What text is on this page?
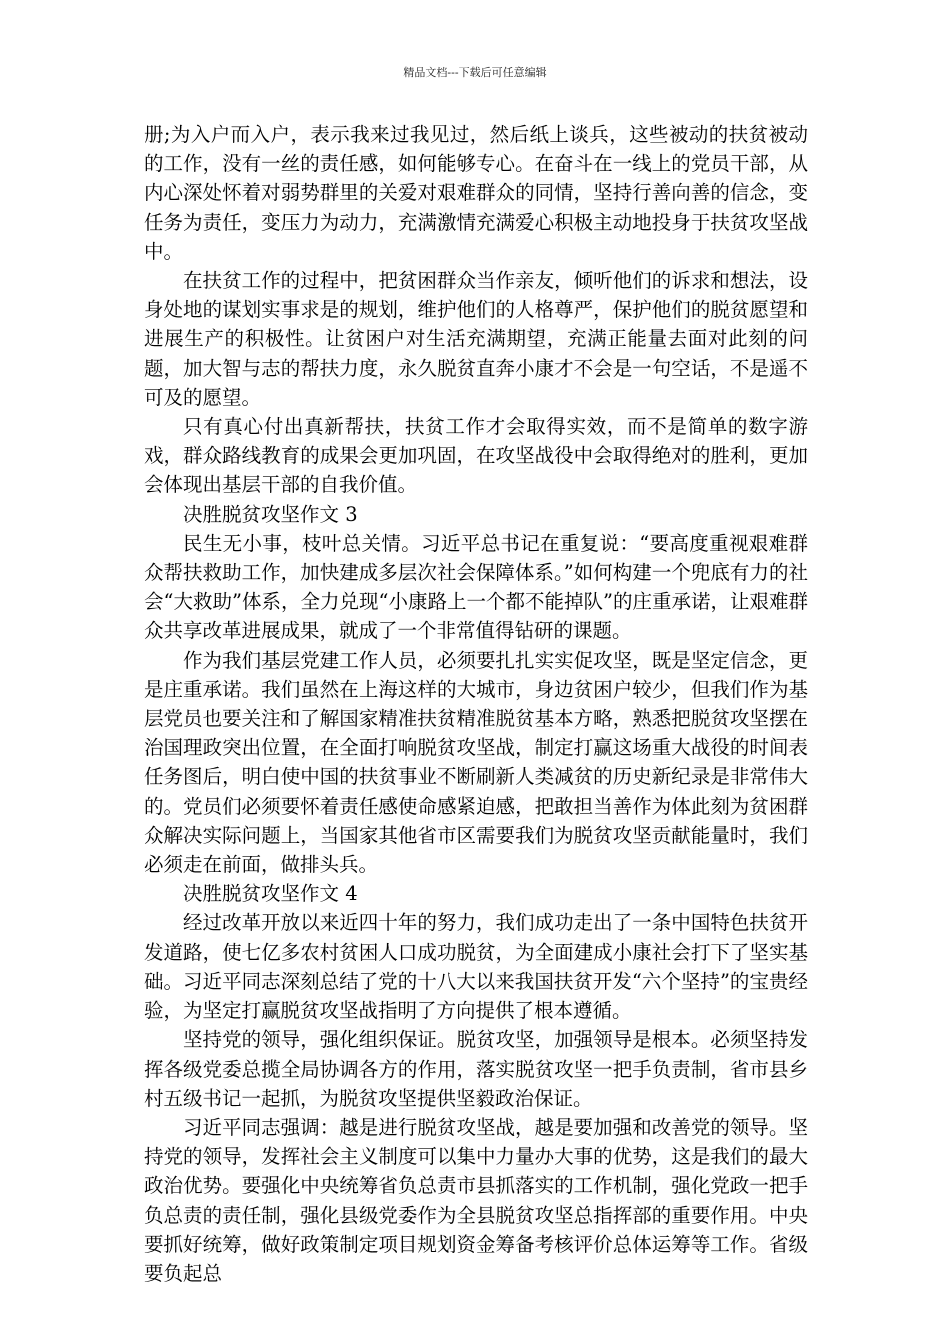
精品文档---下载后可任意编辑

册;为入户而入户，表示我来过我见过，然后纸上谈兵，这些被动的扶贫被动的工作，没有一丝的责任感，如何能够专心。在奋斗在一线上的党员干部，从内心深处怀着对弱势群里的关爱对艰难群众的同情，坚持行善向善的信念，变任务为责任，变压力为动力，充满激情充满爱心积极主动地投身于扶贫攻坚战中。

在扶贫工作的过程中，把贫困群众当作亲友，倾听他们的诉求和想法，设身处地的谋划实事求是的规划，维护他们的人格尊严，保护他们的脱贫愿望和进展生产的积极性。让贫困户对生活充满期望，充满正能量去面对此刻的问题，加大智与志的帮扶力度，永久脱贫直奔小康才不会是一句空话，不是遥不可及的愿望。

只有真心付出真新帮扶，扶贫工作才会取得实效，而不是简单的数字游戏，群众路线教育的成果会更加巩固，在攻坚战役中会取得绝对的胜利，更加会体现出基层干部的自我价值。

决胜脱贫攻坚作文 3

民生无小事，枝叶总关情。习近平总书记在重复说：“要高度重视艰难群众帮扶救助工作，加快建成多层次社会保障体系。”如何构建一个兜底有力的社会“大救助”体系，全力兑现“小康路上一个都不能掉队”的庄重承诺，让艰难群众共享改革进展成果，就成了一个非常值得钻研的课题。

作为我们基层党建工作人员，必须要扎扎实实促攻坚，既是坚定信念，更是庄重承诺。我们虽然在上海这样的大城市，身边贫困户较少，但我们作为基层党员也要关注和了解国家精准扶贫精准脱贫基本方略，熟悉把脱贫攻坚摆在治国理政突出位置，在全面打响脱贫攻坚战，制定打赢这场重大战役的时间表任务图后，明白使中国的扶贫事业不断刷新人类减贫的历史新纪录是非常伟大的。党员们必须要怀着责任感使命感紧迫感，把敢担当善作为体此刻为贫困群众解决实际问题上，当国家其他省市区需要我们为脱贫攻坚贡献能量时，我们必须走在前面，做排头兵。

决胜脱贫攻坚作文 4

经过改革开放以来近四十年的努力，我们成功走出了一条中国特色扶贫开发道路，使七亿多农村贫困人口成功脱贫，为全面建成小康社会打下了坚实基础。习近平同志深刻总结了党的十八大以来我国扶贫开发“六个坚持”的宝贵经验，为坚定打赢脱贫攻坚战指明了方向提供了根本遵循。

坚持党的领导，强化组织保证。脱贫攻坚，加强领导是根本。必须坚持发挥各级党委总揽全局协调各方的作用，落实脱贫攻坚一把手负责制，省市县乡村五级书记一起抓，为脱贫攻坚提供坚毅政治保证。

习近平同志强调：越是进行脱贫攻坚战，越是要加强和改善党的领导。坚持党的领导，发挥社会主义制度可以集中力量办大事的优势，这是我们的最大政治优势。要强化中央统筹省负总责市县抓落实的工作机制，强化党政一把手负总责的责任制，强化县级党委作为全县脱贫攻坚总指挥部的重要作用。中央要抓好统筹，做好政策制定项目规划资金筹备考核评价总体运筹等工作。省级要负起总
